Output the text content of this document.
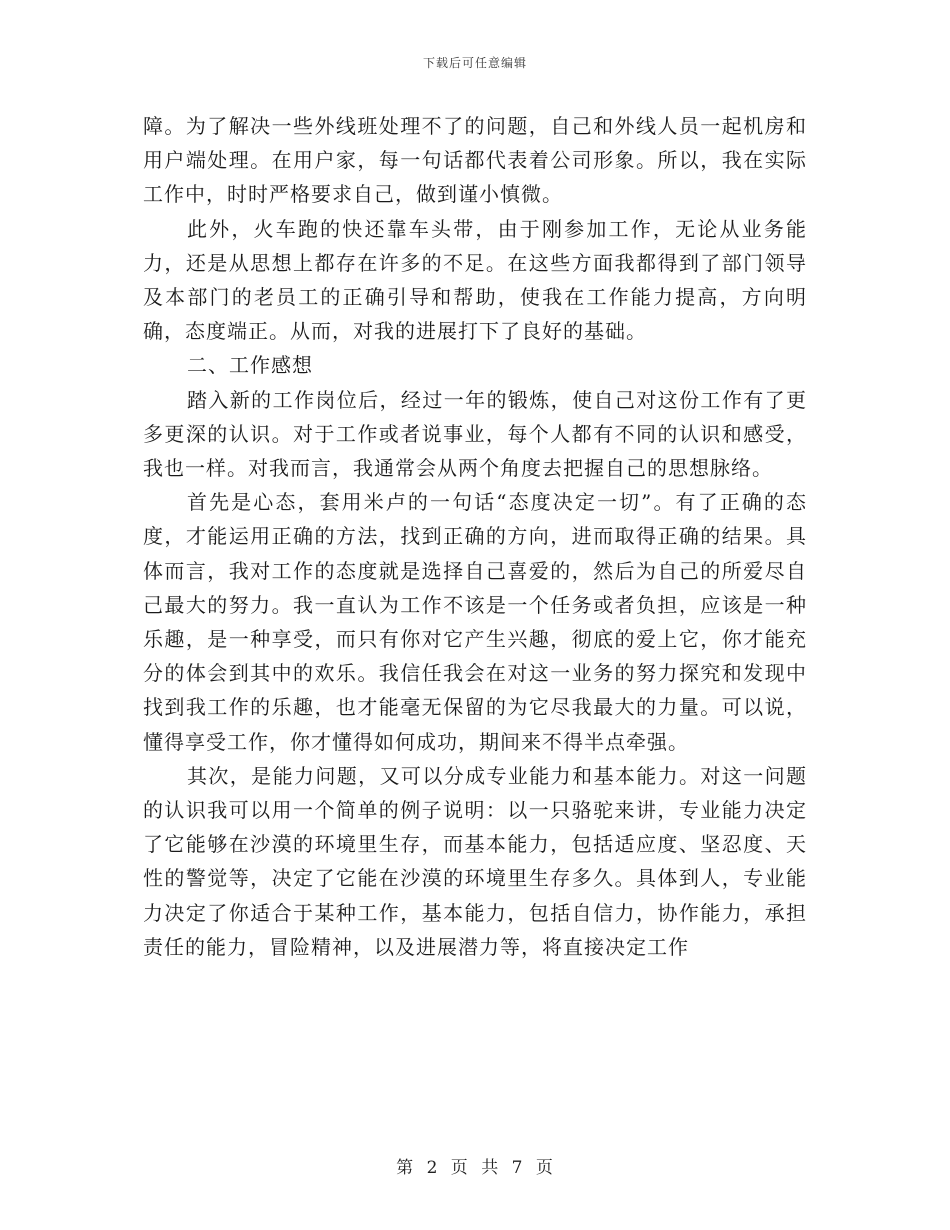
下载后可任意编辑

障。为了解决一些外线班处理不了的问题，自己和外线人员一起机房和用户端处理。在用户家，每一句话都代表着公司形象。所以，我在实际工作中，时时严格要求自己，做到谨小慎微。

此外，火车跑的快还靠车头带，由于刚参加工作，无论从业务能力，还是从思想上都存在许多的不足。在这些方面我都得到了部门领导及本部门的老员工的正确引导和帮助，使我在工作能力提高，方向明确，态度端正。从而，对我的进展打下了良好的基础。

二、工作感想

踏入新的工作岗位后，经过一年的锻炼，使自己对这份工作有了更多更深的认识。对于工作或者说事业，每个人都有不同的认识和感受，我也一样。对我而言，我通常会从两个角度去把握自己的思想脉络。

首先是心态，套用米卢的一句话“态度决定一切”。有了正确的态度，才能运用正确的方法，找到正确的方向，进而取得正确的结果。具体而言，我对工作的态度就是选择自己喜爱的，然后为自己的所爱尽自己最大的努力。我一直认为工作不该是一个任务或者负担，应该是一种乐趣，是一种享受，而只有你对它产生兴趣，彻底的爱上它，你才能充分的体会到其中的欢乐。我信任我会在对这一业务的努力探究和发现中找到我工作的乐趣，也才能毫无保留的为它尽我最大的力量。可以说，懂得享受工作，你才懂得如何成功，期间来不得半点牵强。

其次，是能力问题，又可以分成专业能力和基本能力。对这一问题的认识我可以用一个简单的例子说明：以一只骆驼来讲，专业能力决定了它能够在沙漠的环境里生存，而基本能力，包括适应度、坚忍度、天性的警觉等，决定了它能在沙漠的环境里生存多久。具体到人，专业能力决定了你适合于某种工作，基本能力，包括自信力，协作能力，承担责任的能力，冒险精神，以及进展潜力等，将直接决定工作

第 2 页 共 7 页
